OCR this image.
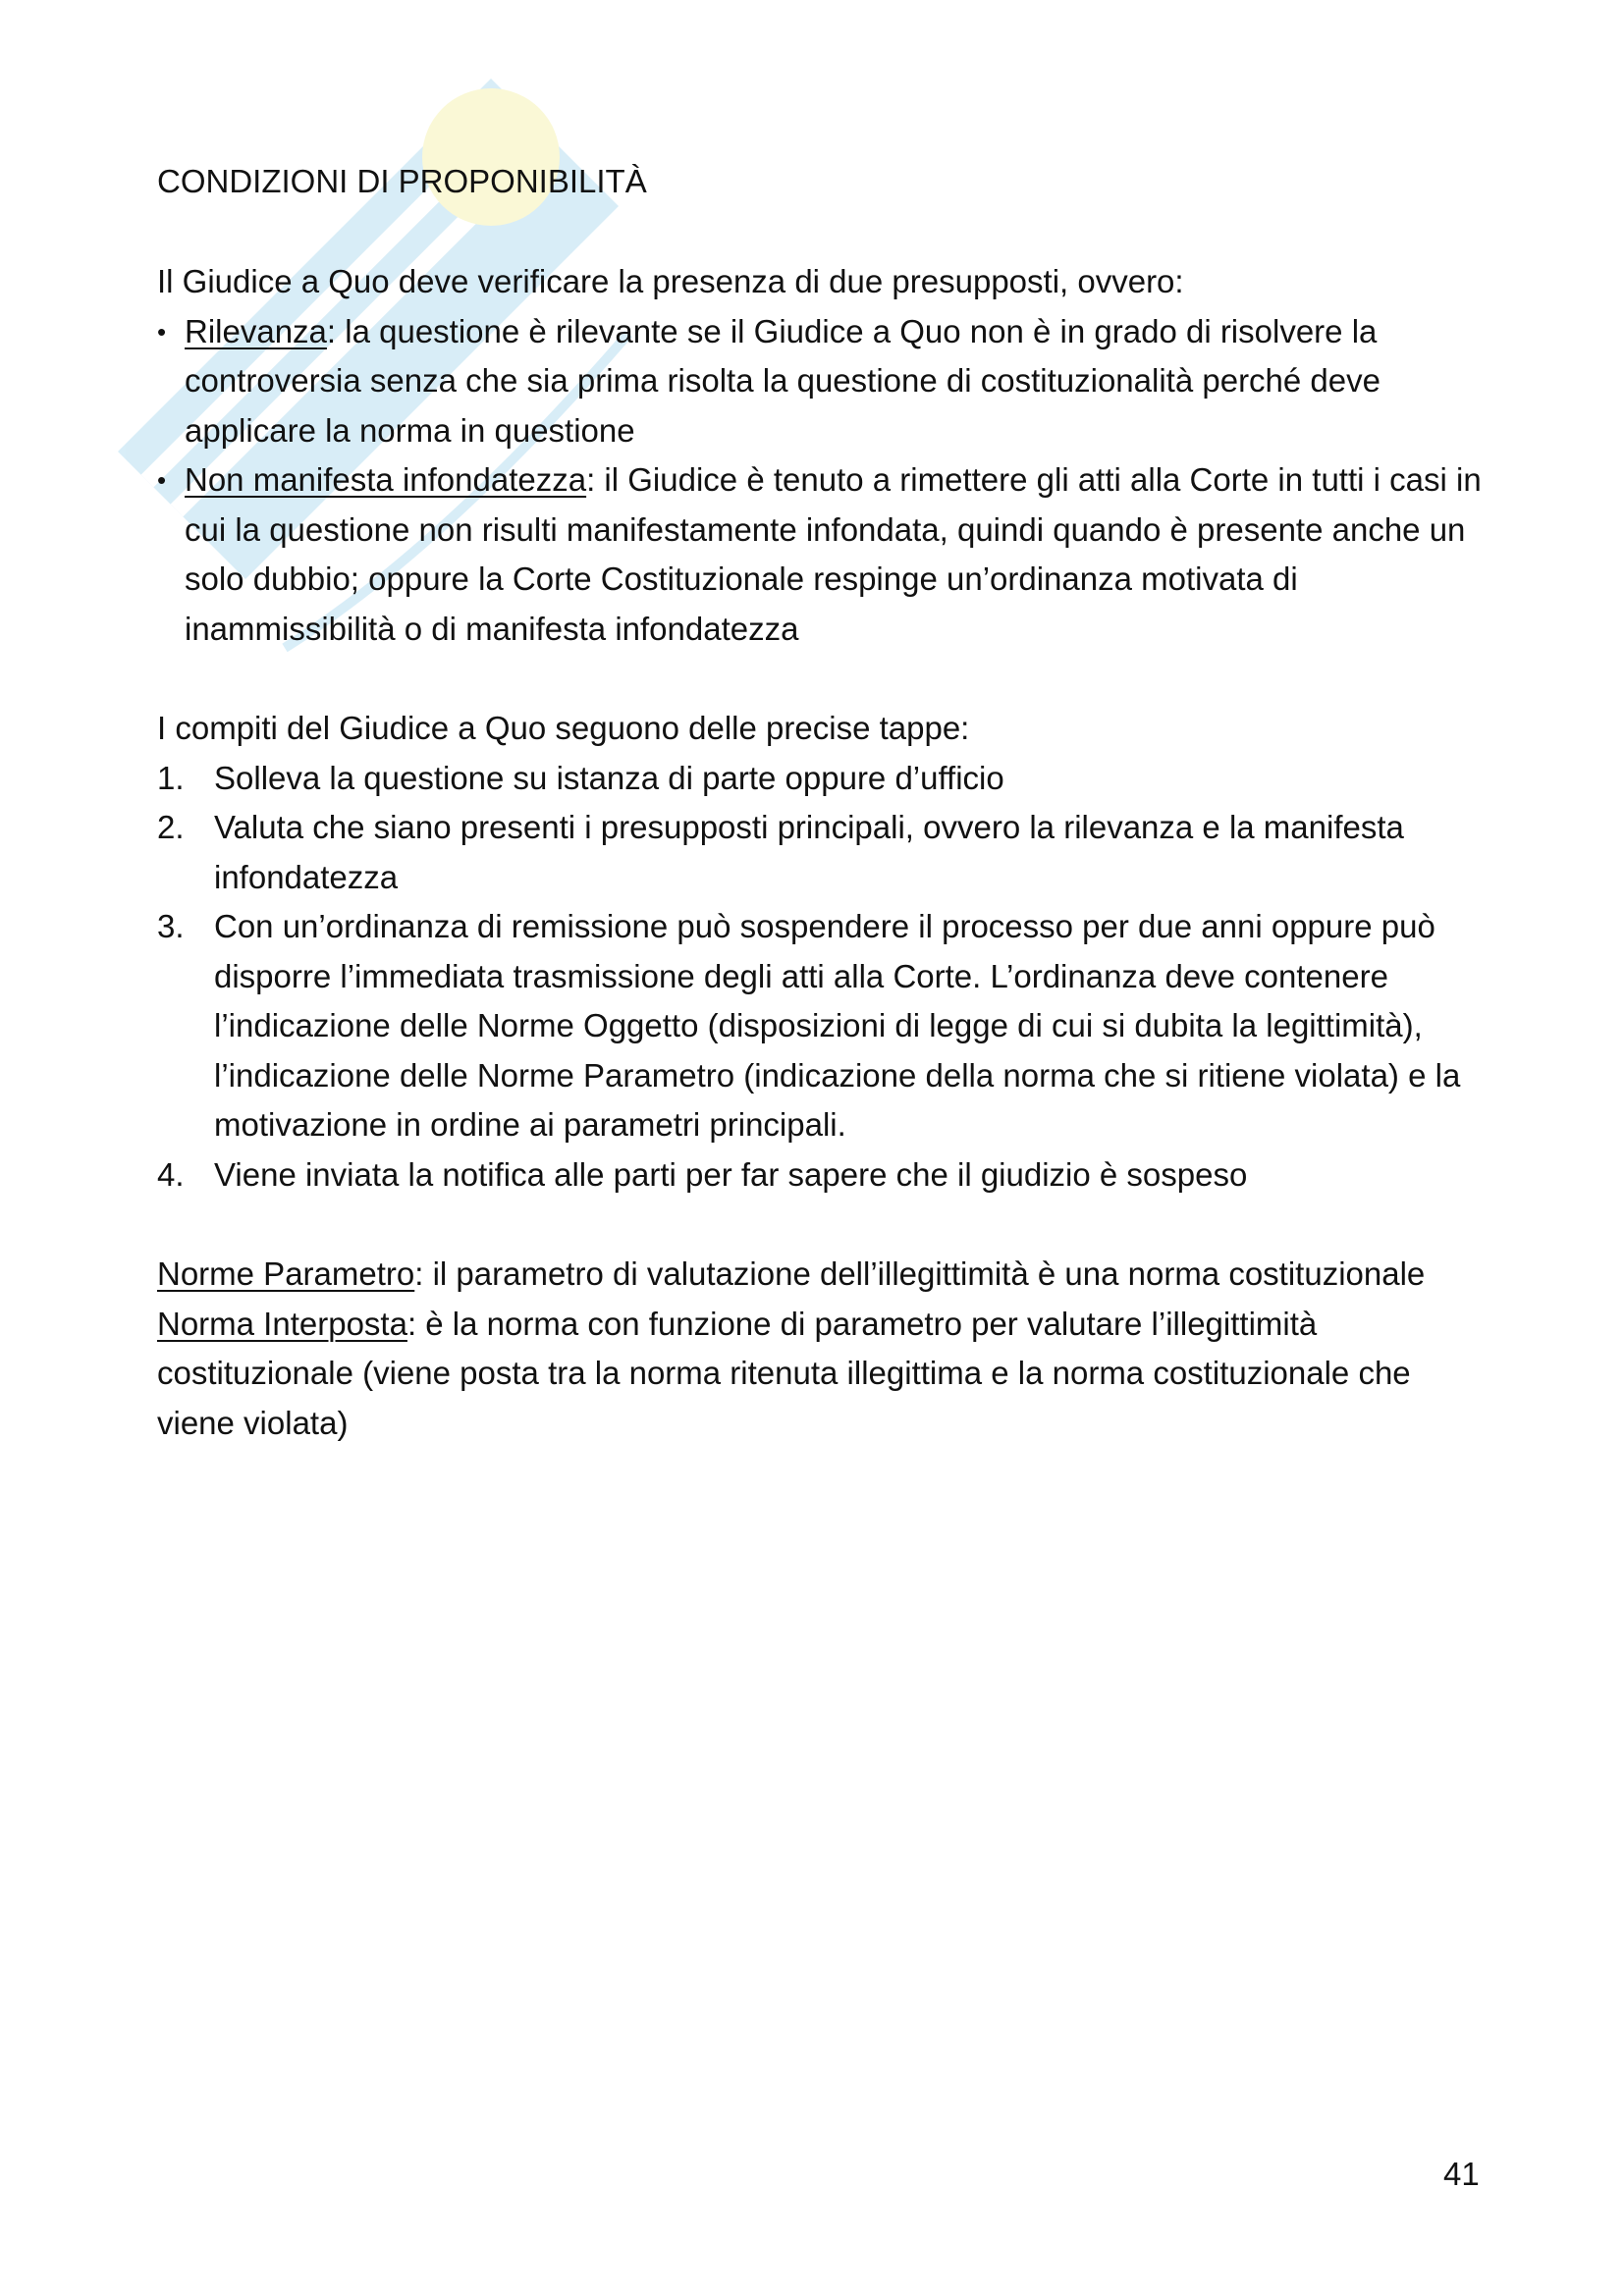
CONDIZIONI DI PROPONIBILITÀ

Il Giudice a Quo deve verificare la presenza di due presupposti, ovvero:

• Rilevanza: la questione è rilevante se il Giudice a Quo non è in grado di risolvere la controversia senza che sia prima risolta la questione di costituzionalità perché deve applicare la norma in questione
• Non manifesta infondatezza: il Giudice è tenuto a rimettere gli atti alla Corte in tutti i casi in cui la questione non risulti manifestamente infondata, quindi quando è presente anche un solo dubbio; oppure la Corte Costituzionale respinge un’ordinanza motivata di inammissibilità o di manifesta infondatezza

I compiti del Giudice a Quo seguono delle precise tappe:

1. Solleva la questione su istanza di parte oppure d’ufficio
2. Valuta che siano presenti i presupposti principali, ovvero la rilevanza e la manifesta infondatezza
3. Con un’ordinanza di remissione può sospendere il processo per due anni oppure può disporre l’immediata trasmissione degli atti alla Corte. L’ordinanza deve contenere l’indicazione delle Norme Oggetto (disposizioni di legge di cui si dubita la legittimità), l’indicazione delle Norme Parametro (indicazione della norma che si ritiene violata) e la motivazione in ordine ai parametri principali.
4. Viene inviata la notifica alle parti per far sapere che il giudizio è sospeso

Norme Parametro: il parametro di valutazione dell’illegittimità è una norma costituzionale

Norma Interposta: è la norma con funzione di parametro per valutare l’illegittimità costituzionale (viene posta tra la norma ritenuta illegittima e la norma costituzionale che viene violata)

41
